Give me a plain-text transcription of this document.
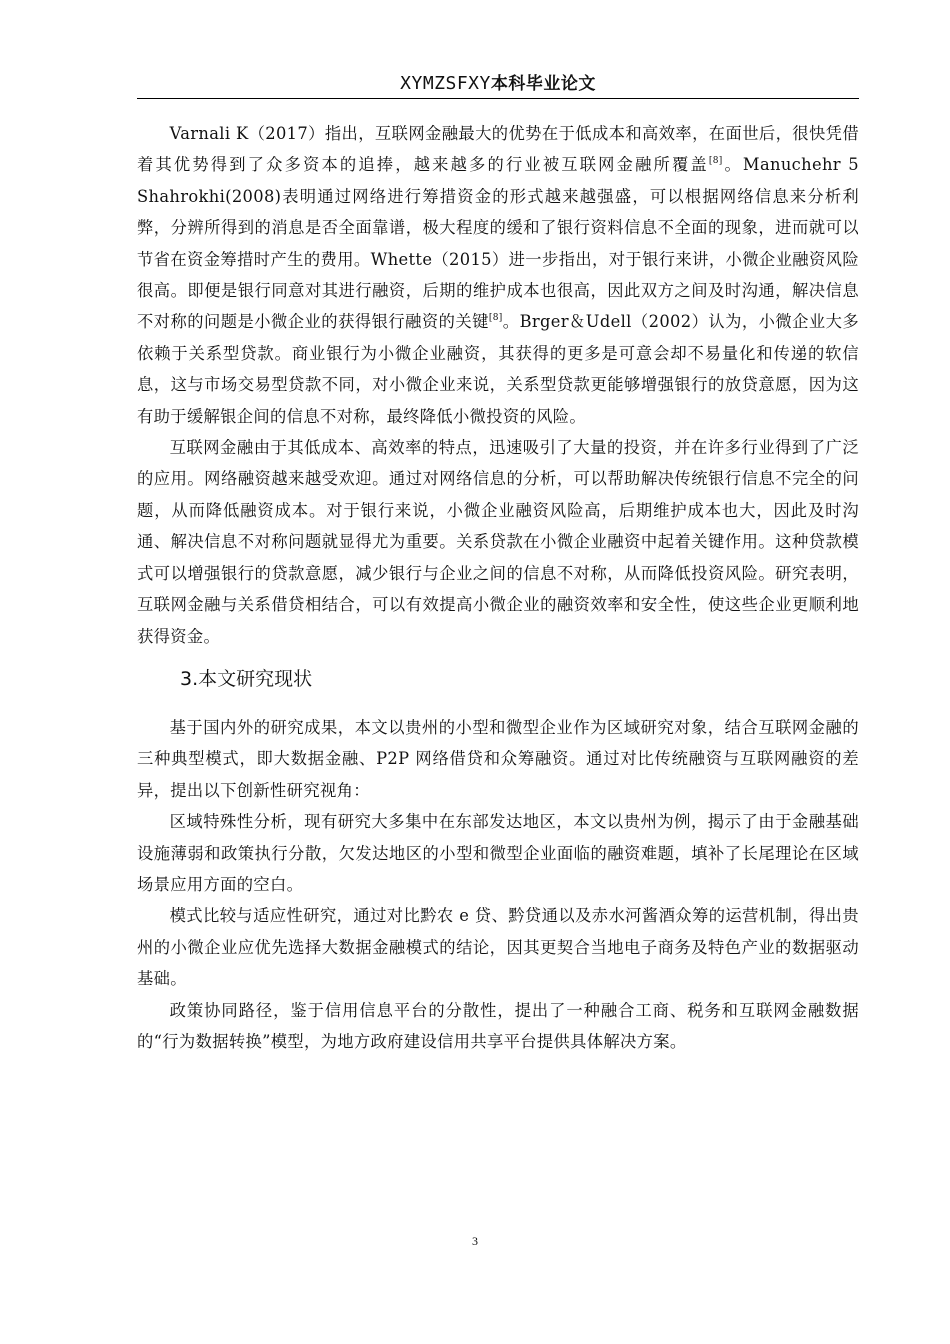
XYMZSFXY本科毕业论文

Varnali K（2017）指出，互联网金融最大的优势在于低成本和高效率，在面世后，很快凭借着其优势得到了众多资本的追捧，越来越多的行业被互联网金融所覆盖[8]。Manuchehr 5 Shahrokhi(2008)表明通过网络进行筹措资金的形式越来越强盛，可以根据网络信息来分析利弊，分辨所得到的消息是否全面靠谱，极大程度的缓和了银行资料信息不全面的现象，进而就可以节省在资金筹措时产生的费用。Whette（2015）进一步指出，对于银行来讲，小微企业融资风险很高。即便是银行同意对其进行融资，后期的维护成本也很高，因此双方之间及时沟通，解决信息不对称的问题是小微企业的获得银行融资的关键[8]。Brger＆Udell（2002）认为，小微企业大多依赖于关系型贷款。商业银行为小微企业融资，其获得的更多是可意会却不易量化和传递的软信息，这与市场交易型贷款不同，对小微企业来说，关系型贷款更能够增强银行的放贷意愿，因为这有助于缓解银企间的信息不对称，最终降低小微投资的风险。

互联网金融由于其低成本、高效率的特点，迅速吸引了大量的投资，并在许多行业得到了广泛的应用。网络融资越来越受欢迎。通过对网络信息的分析，可以帮助解决传统银行信息不完全的问题，从而降低融资成本。对于银行来说，小微企业融资风险高，后期维护成本也大，因此及时沟通、解决信息不对称问题就显得尤为重要。关系贷款在小微企业融资中起着关键作用。这种贷款模式可以增强银行的贷款意愿，减少银行与企业之间的信息不对称，从而降低投资风险。研究表明，互联网金融与关系借贷相结合，可以有效提高小微企业的融资效率和安全性，使这些企业更顺利地获得资金。

3.本文研究现状

基于国内外的研究成果，本文以贵州的小型和微型企业作为区域研究对象，结合互联网金融的三种典型模式，即大数据金融、P2P 网络借贷和众筹融资。通过对比传统融资与互联网融资的差异，提出以下创新性研究视角：

区域特殊性分析，现有研究大多集中在东部发达地区，本文以贵州为例，揭示了由于金融基础设施薄弱和政策执行分散，欠发达地区的小型和微型企业面临的融资难题，填补了长尾理论在区域场景应用方面的空白。

模式比较与适应性研究，通过对比黔农 e 贷、黔贷通以及赤水河酱酒众筹的运营机制，得出贵州的小微企业应优先选择大数据金融模式的结论，因其更契合当地电子商务及特色产业的数据驱动基础。

政策协同路径，鉴于信用信息平台的分散性，提出了一种融合工商、税务和互联网金融数据的“行为数据转换”模型，为地方政府建设信用共享平台提供具体解决方案。

3
